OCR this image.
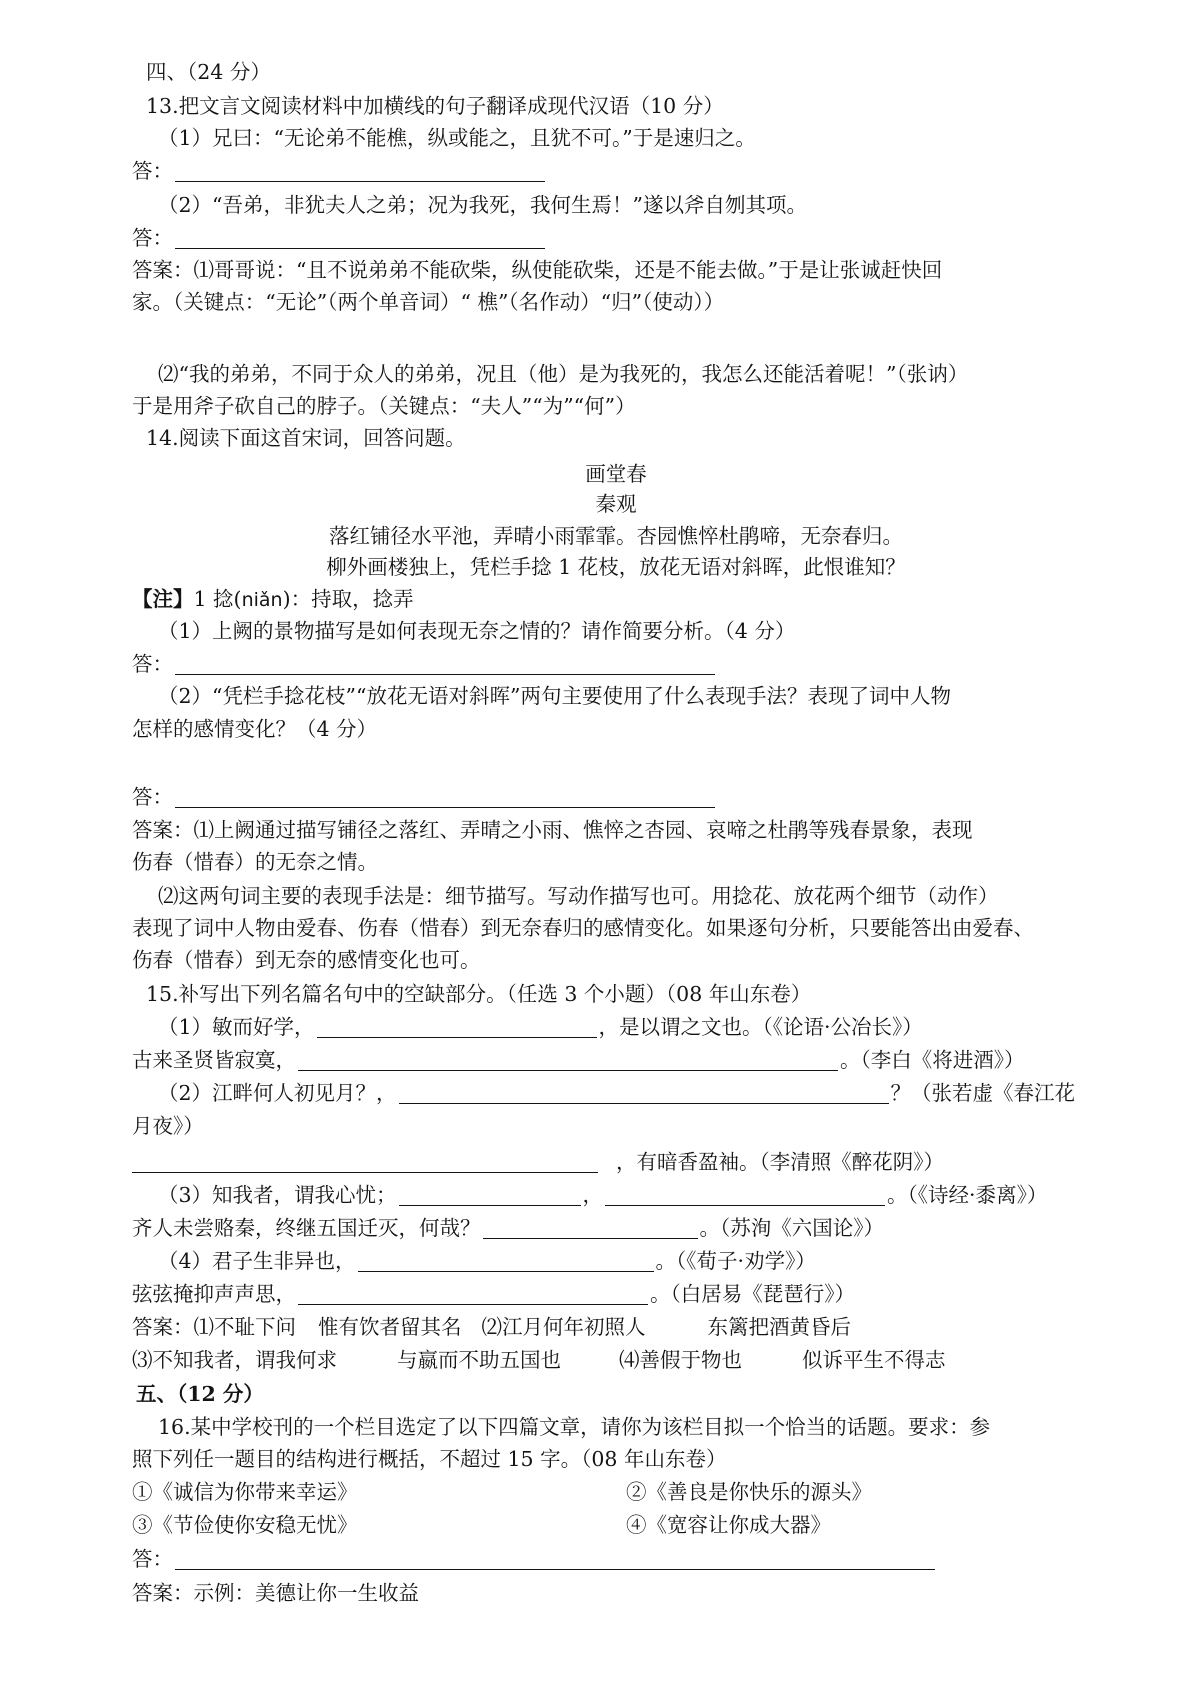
四、（24 分）
13.把文言文阅读材料中加横线的句子翻译成现代汉语（10 分）
（1）兄曰：“无论弟不能樵，纵或能之，且犹不可。”于是速归之。
答：
（2）“吾弟，非犹夫人之弟；况为我死，我何生焉！”遂以斧自刎其项。
答：
答案：⑴哥哥说：“且不说弟弟不能砍柴，纵使能砍柴，还是不能去做。”于是让张诚赶快回
家。（关键点：“无论”（两个单音词）“ 樵”（名作动）“归”（使动））
⑵“我的弟弟，不同于众人的弟弟，况且（他）是为我死的，我怎么还能活着呢！”（张讷）
于是用斧子砍自己的脖子。（关键点：“夫人”“为”“何”）
14.阅读下面这首宋词，回答问题。
画堂春
秦观
落红铺径水平池，弄晴小雨霏霏。杏园憔悴杜鹃啼，无奈春归。
柳外画楼独上，凭栏手捻 1 花枝，放花无语对斜晖，此恨谁知？
【注】1 捻(niǎn)：持取，捻弄
（1）上阙的景物描写是如何表现无奈之情的？请作简要分析。（4 分）
答：
（2）“凭栏手捻花枝”“放花无语对斜晖”两句主要使用了什么表现手法？表现了词中人物
怎样的感情变化？（4 分）
答：
答案：⑴上阙通过描写铺径之落红、弄晴之小雨、憔悴之杏园、哀啼之杜鹃等残春景象，表现
伤春（惜春）的无奈之情。
⑵这两句词主要的表现手法是：细节描写。写动作描写也可。用捻花、放花两个细节（动作）
表现了词中人物由爱春、伤春（惜春）到无奈春归的感情变化。如果逐句分析，只要能答出由爱春、
伤春（惜春）到无奈的感情变化也可。
15.补写出下列名篇名句中的空缺部分。（任选 3 个小题）（08 年山东卷）
（1）敏而好学，	，是以谓之文也。（《论语·公冶长》）
古来圣贤皆寂寞，	。（李白《将进酒》）
（2）江畔何人初见月？，	？（张若虚《春江花
月夜》）
，有暗香盈袖。（李清照《醉花阴》）
（3）知我者，谓我心忧；	，	。（《诗经·黍离》）
齐人未尝赂秦，终继五国迁灭，何哉？	。（苏洵《六国论》）
（4）君子生非异也，	。（《荀子·劝学》）
弦弦掩抑声声思，	。（白居易《琵琶行》）
答案：⑴不耻下问 惟有饮者留其名 ⑵江月何年初照人	东篱把酒黄昏后
⑶不知我者，谓我何求	与嬴而不助五国也	⑷善假于物也	似诉平生不得志
五、（12 分）
16.某中学校刊的一个栏目选定了以下四篇文章，请你为该栏目拟一个恰当的话题。要求：参
照下列任一题目的结构进行概括，不超过 15 字。（08 年山东卷）
①《诚信为你带来幸运》	②《善良是你快乐的源头》
③《节俭使你安稳无忧》	④《宽容让你成大器》
答：
答案：示例：美德让你一生收益
